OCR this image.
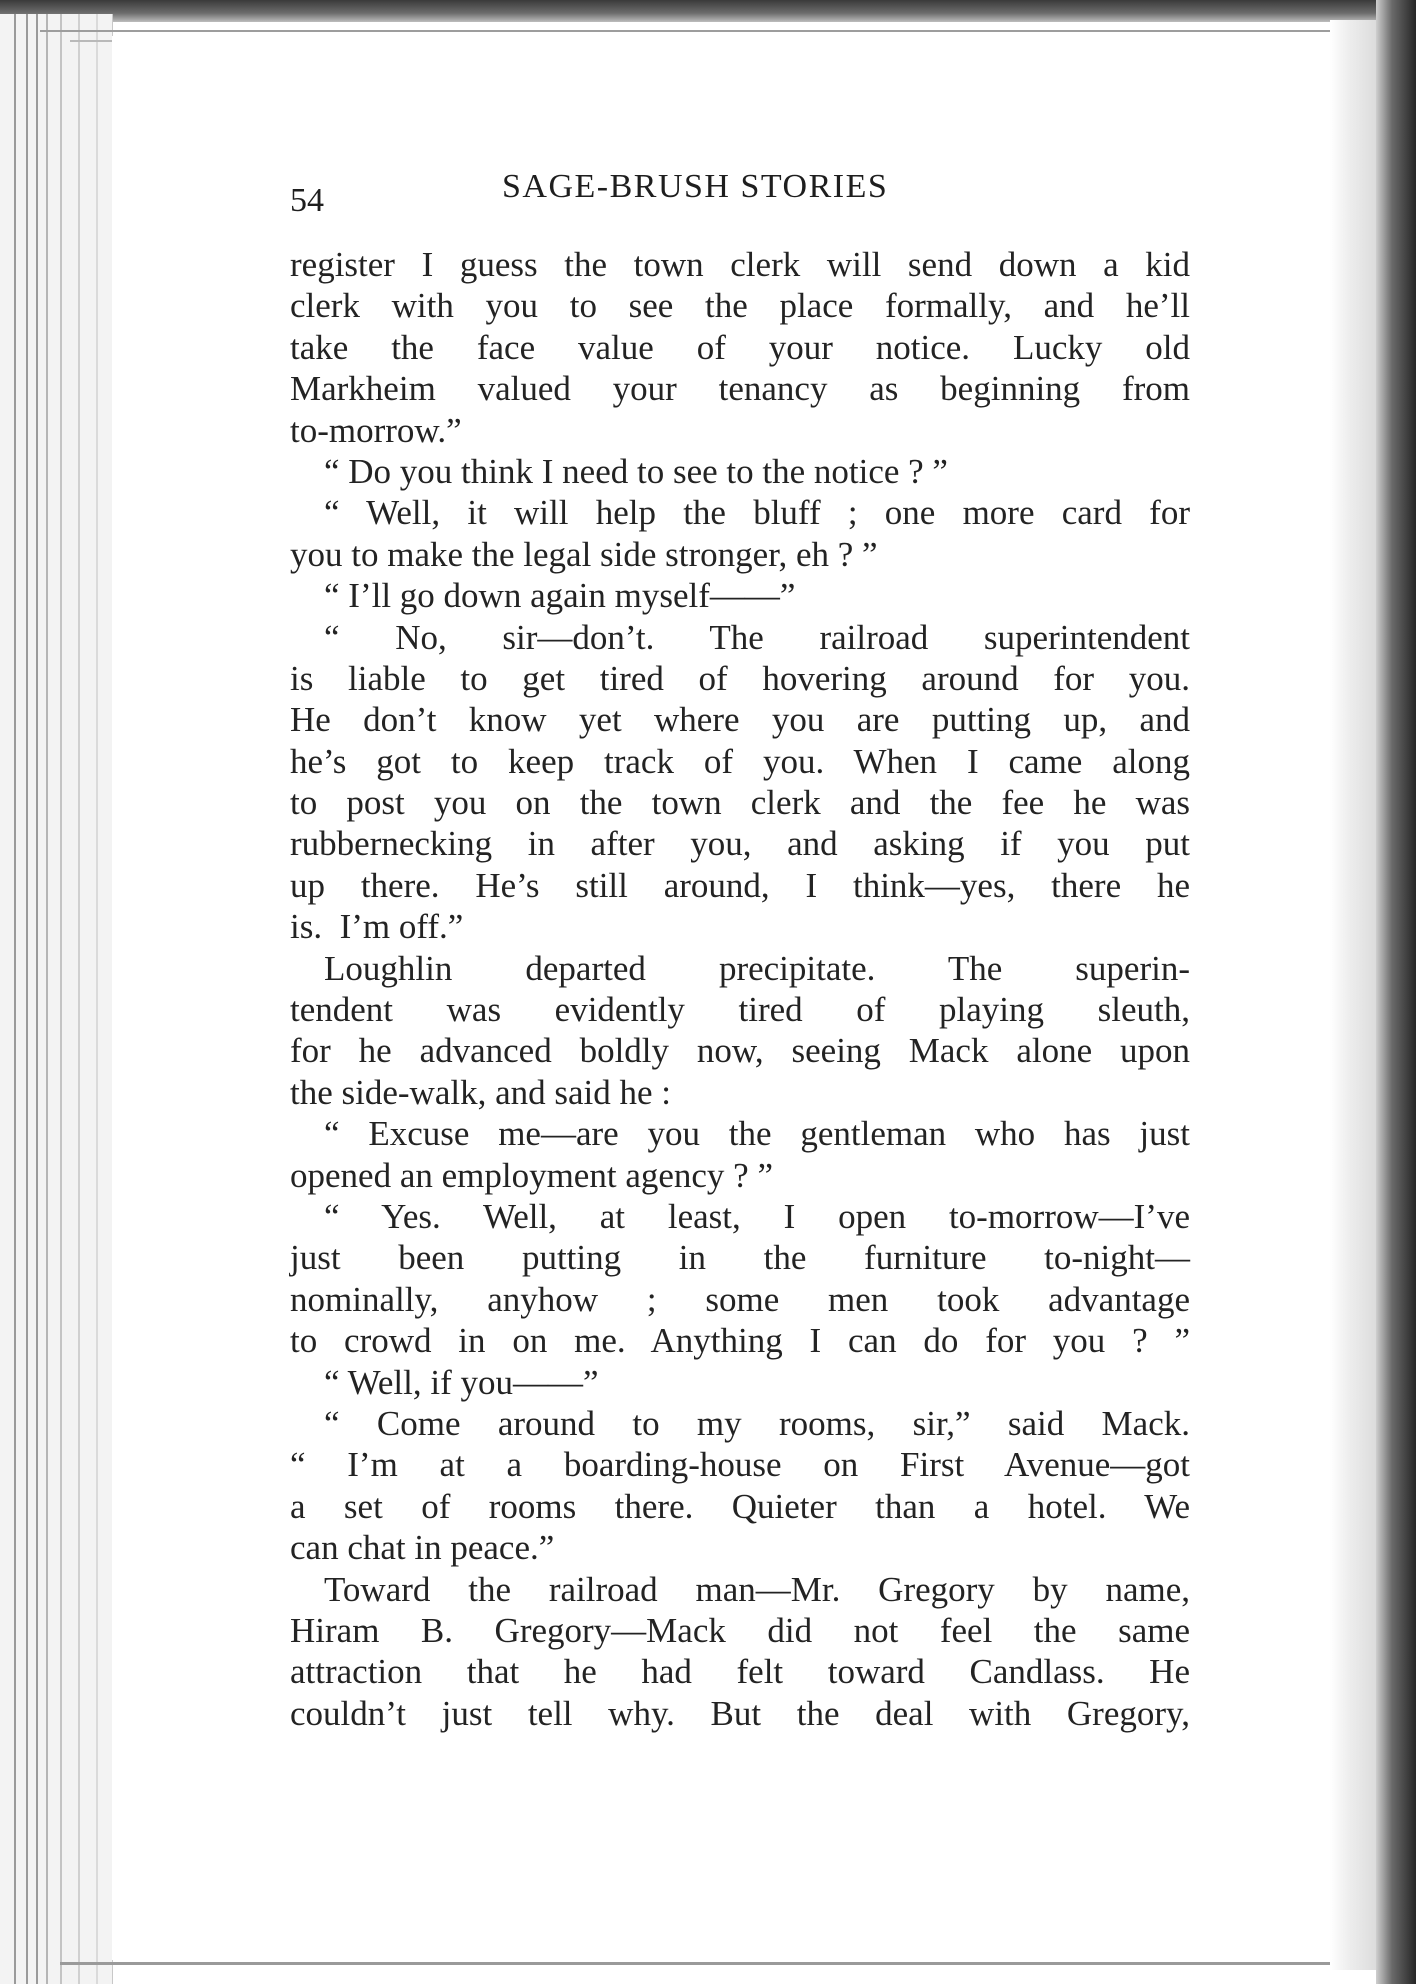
54	SAGE-BRUSH STORIES
register I guess the town clerk will send down a kid
clerk with you to see the place formally, and he’ll
take the face value of your notice. Lucky old
Markheim valued your tenancy as beginning from
to-morrow.”
“ Do you think I need to see to the notice ? ”
“ Well, it will help the bluff ; one more card for
you to make the legal side stronger, eh ? ”
“ I’ll go down again myself——”
“ No, sir—don’t. The railroad superintendent
is liable to get tired of hovering around for you.
He don’t know yet where you are putting up, and
he’s got to keep track of you. When I came along
to post you on the town clerk and the fee he was
rubbernecking in after you, and asking if you put
up there. He’s still around, I think—yes, there he
is.  I’m off.”
Loughlin departed precipitate. The superin-
tendent was evidently tired of playing sleuth,
for he advanced boldly now, seeing Mack alone upon
the side-walk, and said he :
“ Excuse me—are you the gentleman who has just
opened an employment agency ? ”
“ Yes. Well, at least, I open to-morrow—I’ve
just been putting in the furniture to-night—
nominally, anyhow ; some men took advantage
to crowd in on me. Anything I can do for you ? ”
“ Well, if you——”
“ Come around to my rooms, sir,” said Mack.
“ I’m at a boarding-house on First Avenue—got
a set of rooms there. Quieter than a hotel. We
can chat in peace.”
Toward the railroad man—Mr. Gregory by name,
Hiram B. Gregory—Mack did not feel the same
attraction that he had felt toward Candlass. He
couldn’t just tell why. But the deal with Gregory,
